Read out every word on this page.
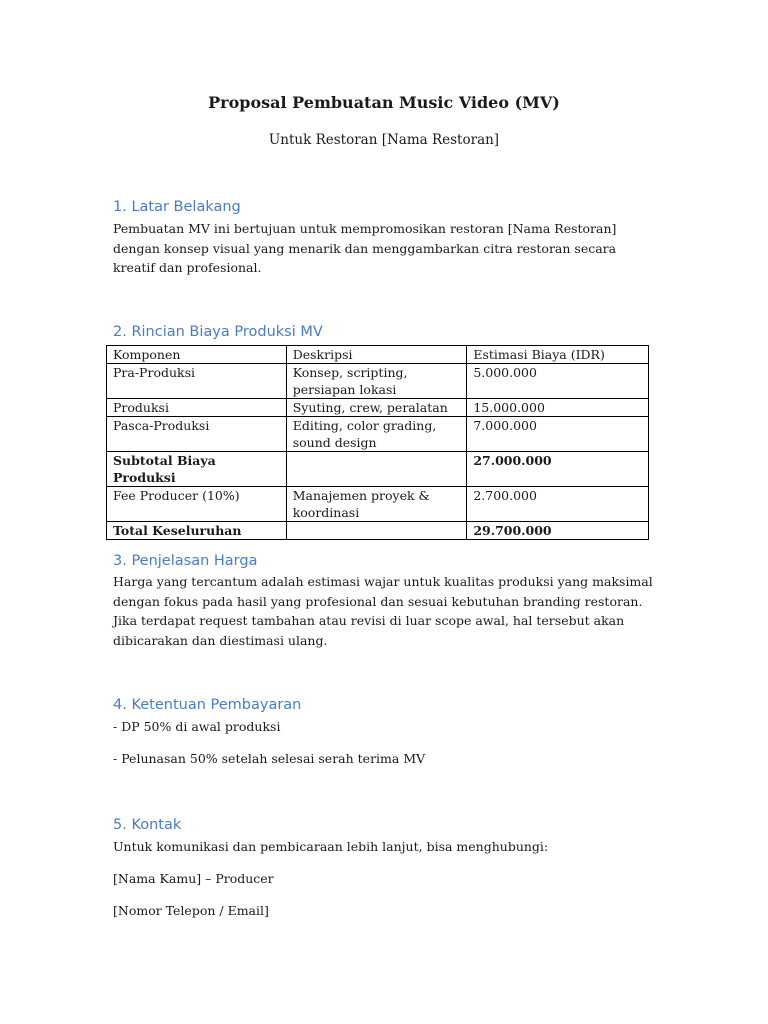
Proposal Pembuatan Music Video (MV)
Untuk Restoran [Nama Restoran]
1. Latar Belakang

Pembuatan MV ini bertujuan untuk mempromosikan restoran [Nama Restoran] dengan konsep visual yang menarik dan menggambarkan citra restoran secara kreatif dan profesional.

2. Rincian Biaya Produksi MV
Komponen	Deskripsi	Estimasi Biaya (IDR)
Pra-Produksi	Konsep, scripting, persiapan lokasi	5.000.000
Produksi	Syuting, crew, peralatan	15.000.000
Pasca-Produksi	Editing, color grading, sound design	7.000.000
Subtotal Biaya Produksi		27.000.000
Fee Producer (10%)	Manajemen proyek & koordinasi	2.700.000
Total Keseluruhan		29.700.000
3. Penjelasan Harga

Harga yang tercantum adalah estimasi wajar untuk kualitas produksi yang maksimal dengan fokus pada hasil yang profesional dan sesuai kebutuhan branding restoran. Jika terdapat request tambahan atau revisi di luar scope awal, hal tersebut akan dibicarakan dan diestimasi ulang.

4. Ketentuan Pembayaran

- DP 50% di awal produksi

- Pelunasan 50% setelah selesai serah terima MV

5. Kontak

Untuk komunikasi dan pembicaraan lebih lanjut, bisa menghubungi:

[Nama Kamu] – Producer

[Nomor Telepon / Email]
